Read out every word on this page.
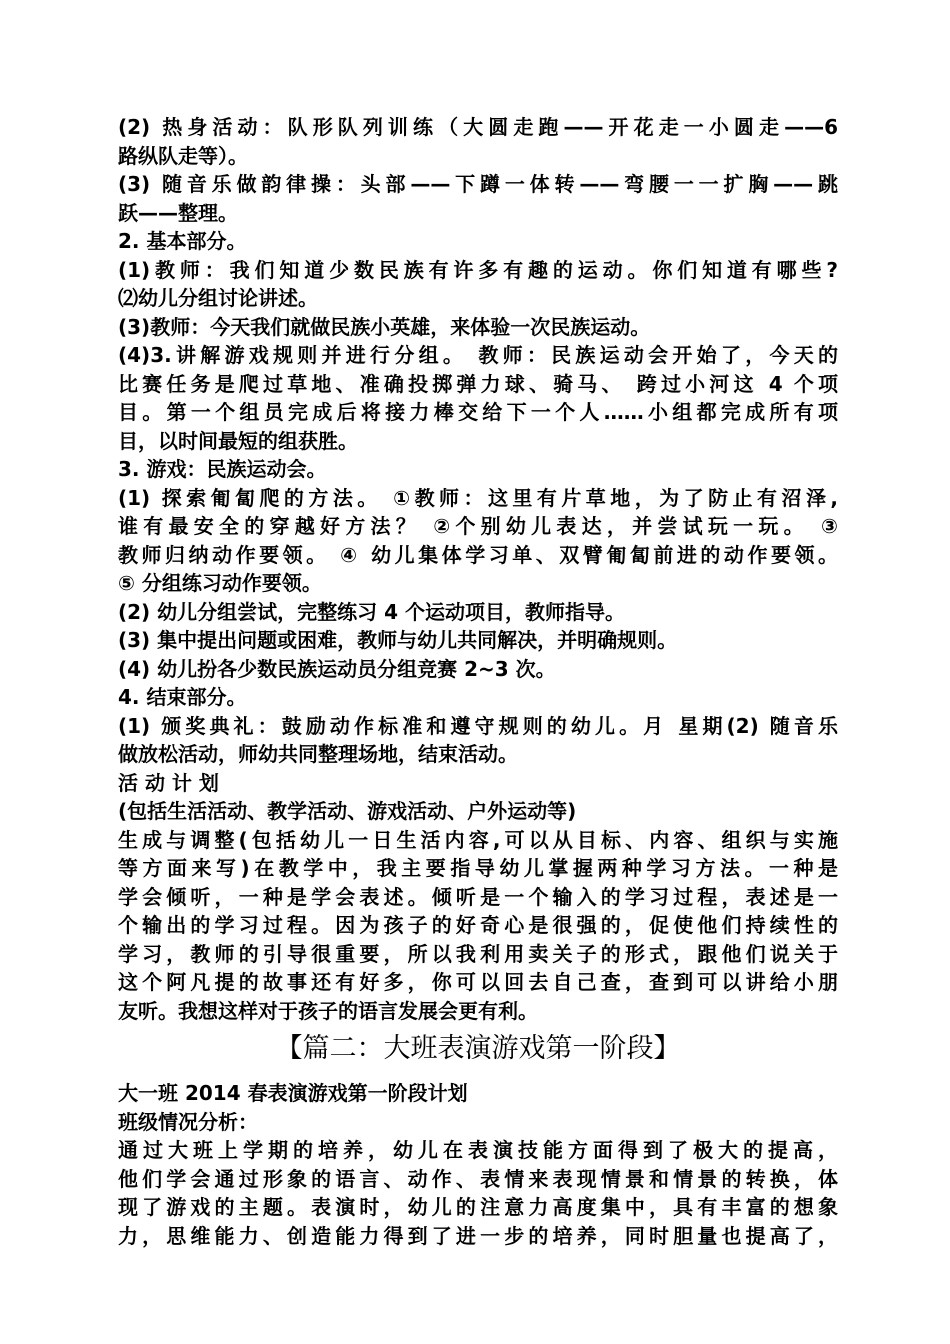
(2) 热身活动：队形队列训练（大圆走跑——开花走一小圆走——6
路纵队走等）。
(3) 随音乐做韵律操：头部——下蹲一体转——弯腰一一扩胸——跳
跃——整理。
2. 基本部分。
(1)教师：我们知道少数民族有许多有趣的运动。你们知道有哪些?
⑵幼儿分组讨论讲述。
(3)教师：今天我们就做民族小英雄，来体验一次民族运动。
(4)3.讲解游戏规则并进行分组。 教师：民族运动会开始了，今天的
比赛任务是爬过草地、准确投掷弹力球、骑马、 跨过小河这 4 个项
目。第一个组员完成后将接力棒交给下一个人……小组都完成所有项
目，以时间最短的组获胜。
3. 游戏：民族运动会。
(1) 探索匍匐爬的方法。 ①教师：这里有片草地，为了防止有沼泽,
谁有最安全的穿越好方法？ ②个别幼儿表达，并尝试玩一玩。 ③
教师归纳动作要领。 ④ 幼儿集体学习单、双臂匍匐前进的动作要领。
⑤ 分组练习动作要领。
(2) 幼儿分组尝试，完整练习 4 个运动项目，教师指导。
(3) 集中提出问题或困难，教师与幼儿共同解决，并明确规则。
(4) 幼儿扮各少数民族运动员分组竞赛 2~3 次。
4. 结束部分。
(1) 颁奖典礼：鼓励动作标准和遵守规则的幼儿。月 星期(2) 随音乐
做放松活动，师幼共同整理场地，结束活动。
活 动 计 划
(包括生活活动、教学活动、游戏活动、户外运动等)
生成与调整(包括幼儿一日生活内容,可以从目标、内容、组织与实施
等方面来写)在教学中，我主要指导幼儿掌握两种学习方法。一种是
学会倾听，一种是学会表述。倾听是一个输入的学习过程，表述是一
个输出的学习过程。因为孩子的好奇心是很强的，促使他们持续性的
学习，教师的引导很重要，所以我利用卖关子的形式，跟他们说关于
这个阿凡提的故事还有好多，你可以回去自己查，查到可以讲给小朋
友听。我想这样对于孩子的语言发展会更有利。
【篇二：大班表演游戏第一阶段】
大一班 2014 春表演游戏第一阶段计划
班级情况分析：
通过大班上学期的培养，幼儿在表演技能方面得到了极大的提高，
他们学会通过形象的语言、动作、表情来表现情景和情景的转换，体
现了游戏的主题。表演时，幼儿的注意力高度集中，具有丰富的想象
力，思维能力、创造能力得到了进一步的培养，同时胆量也提高了，
